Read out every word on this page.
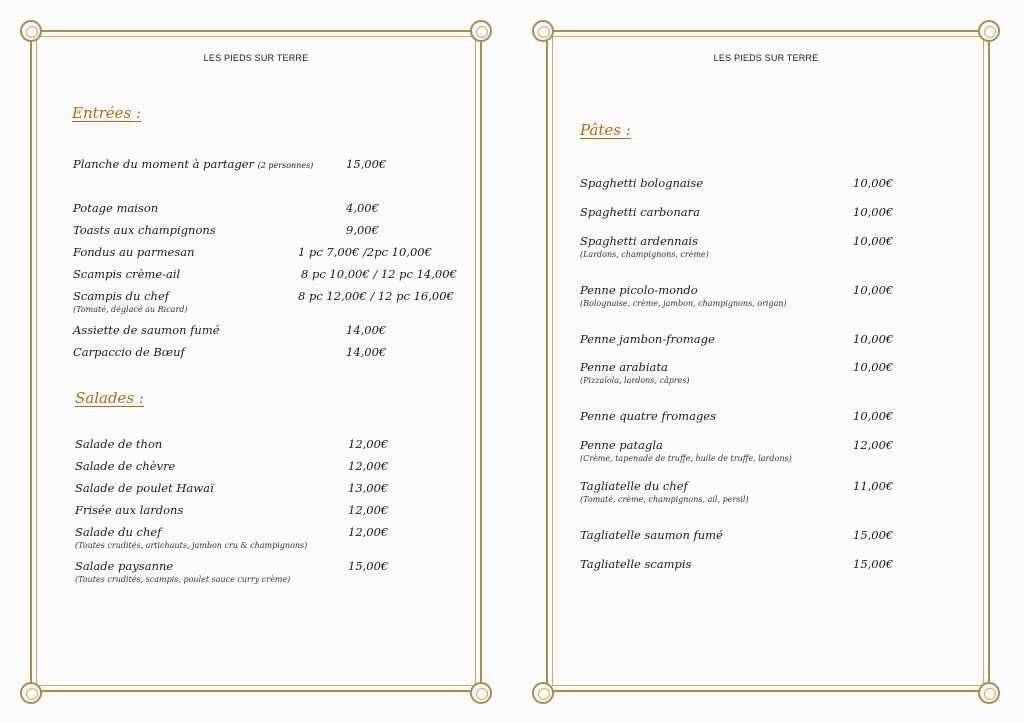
LES PIEDS SUR TERRE
Entrées :
Planche du moment à partager (2 personnes)	15,00€
Potage maison	4,00€
Toasts aux champignons	9,00€
Fondus au parmesan	1 pc 7,00€ /2pc 10,00€
Scampis crème-ail	8 pc 10,00€ / 12 pc 14,00€
Scampis du chef	8 pc 12,00€ / 12 pc 16,00€
(Tomaté, déglacé au Ricard)
Assiette de saumon fumé	14,00€
Carpaccio de Bœuf	14,00€
Salades :
Salade de thon	12,00€
Salade de chèvre	12,00€
Salade de poulet Hawaï	13,00€
Frisée aux lardons	12,00€
Salade du chef	12,00€
(Toutes crudités, artichauts, jambon cru & champignons)
Salade paysanne	15,00€
(Toutes crudités, scampis, poulet sauce curry crème)
LES PIEDS SUR TERRE
Pâtes :
Spaghetti bolognaise	10,00€
Spaghetti carbonara	10,00€
Spaghetti ardennais	10,00€
(Lardons, champignons, crème)
Penne picolo-mondo	10,00€
(Bolognaise, crème, jambon, champignons, origan)
Penne jambon-fromage	10,00€
Penne arabiata	10,00€
(Pizzaïola, lardons, câpres)
Penne quatre fromages	10,00€
Penne patagla	12,00€
(Crème, tapenade de truffe, huile de truffe, lardons)
Tagliatelle du chef	11,00€
(Tomaté, crème, champignons, ail, persil)
Tagliatelle saumon fumé	15,00€
Tagliatelle scampis	15,00€
